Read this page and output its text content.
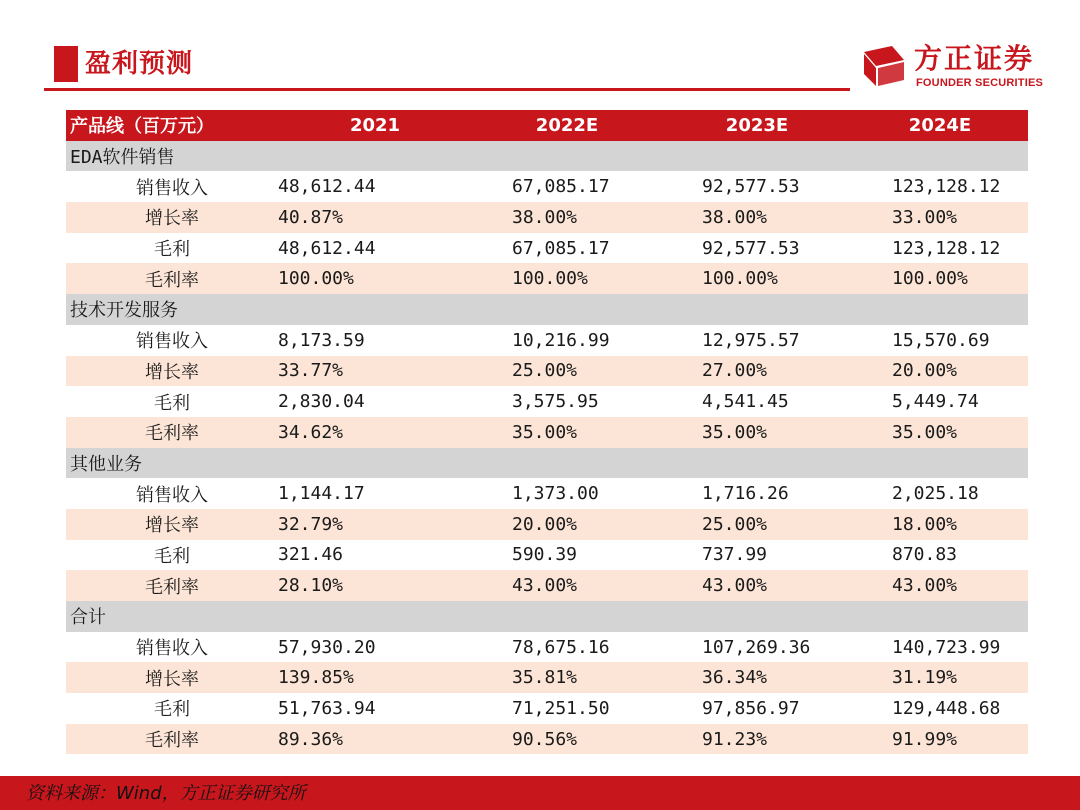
盈利预测	方正证券
FOUNDER SECURITIES
产品线（百万元）	2021	2022E	2023E	2024E
EDA软件销售				
销售收入	48,612.44	67,085.17	92,577.53	123,128.12
增长率	40.87%	38.00%	38.00%	33.00%
毛利	48,612.44	67,085.17	92,577.53	123,128.12
毛利率	100.00%	100.00%	100.00%	100.00%
技术开发服务				
销售收入	8,173.59	10,216.99	12,975.57	15,570.69
增长率	33.77%	25.00%	27.00%	20.00%
毛利	2,830.04	3,575.95	4,541.45	5,449.74
毛利率	34.62%	35.00%	35.00%	35.00%
其他业务				
销售收入	1,144.17	1,373.00	1,716.26	2,025.18
增长率	32.79%	20.00%	25.00%	18.00%
毛利	321.46	590.39	737.99	870.83
毛利率	28.10%	43.00%	43.00%	43.00%
合计				
销售收入	57,930.20	78,675.16	107,269.36	140,723.99
增长率	139.85%	35.81%	36.34%	31.19%
毛利	51,763.94	71,251.50	97,856.97	129,448.68
毛利率	89.36%	90.56%	91.23%	91.99%
资料来源：Wind，方正证券研究所
